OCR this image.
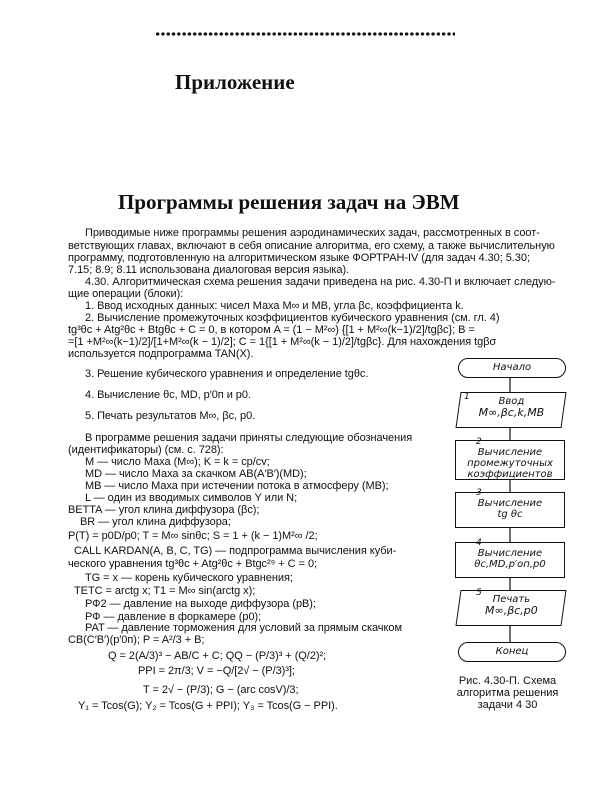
Приложение
Программы решения задач на ЭВМ
Приводимые ниже программы решения аэродинамических задач, рассмотренных в соот-
ветствующих главах, включают в себя описание алгоритма, его схему, а также вычислительную
программу, подготовленную на алгоритмическом языке ФОРТРАН-IV (для задач 4.30; 5.30;
7.15; 8.9; 8.11 использована диалоговая версия языка).
4.30. Алгоритмическая схема решения задачи приведена на рис. 4.30-П и включает следую-
щие операции (блоки):
1. Ввод исходных данных: чисел Маха M∞ и MB, угла βc, коэффициента k.
2. Вычисление промежуточных коэффициентов кубического уравнения (см. гл. 4)
tg³θc + Atg²θc + Btgθc + C = 0, в котором A = (1 − M²∞) {[1 + M²∞(k−1)/2]/tgβc}; B =
=[1 +M²∞(k−1)/2]/[1+M²∞(k − 1)/2]; C = 1{[1 + M²∞(k − 1)/2]/tgβc}. Для нахождения tgβσ
используется подпрограмма TAN(X).
3. Решение кубического уравнения и определение tgθc.
4. Вычисление θc, MD, p′0п и p0.
5. Печать результатов M∞, βc, p0.
В программе решения задачи приняты следующие обозначения
(идентификаторы) (см. с. 728):
M — число Маха (M∞); K = k = cp/cv;
MD — число Маха за скачком AB(A′B′)(MD);
MB — число Маха при истечении потока в атмосферу (MB);
L — один из вводимых символов Y или N;
BETTA — угол клина диффузора (βc);
BR — угол клина диффузора;
P(T) = p0D/p0; T = M∞ sinθc; S = 1 + (k − 1)M²∞ /2;
CALL KARDAN(A, B, C, TG) — подпрограмма вычисления куби-
ческого уравнения tg³θc + Atg²θc + Btgc²⁹ + C = 0;
TG = x — корень кубического уравнения;
TETC = arctg x; T1 = M∞ sin(arctg x);
РФ2 — давление на выходе диффузора (pB);
РФ — давление в форкамере (p0);
PAT — давление торможения для условий за прямым скачком
CB(C′B′)(p′0п); P = A²/3 + B;
Q = 2(A/3)³ − AB/C + C; QQ − (P/3)³ + (Q/2)²;
PPI = 2π/3; V = −Q/[2√ − (P/3)³];
T = 2√ − (P/3); G − (arc cosV)/3;
Y₁ = Tcos(G); Y₂ = Tcos(G + PPI); Y₃ = Tcos(G − PPI).
Начало
Ввод
M∞,βc,k,MB
1
Вычисление
промежуточных
коэффициентов
2
Вычисление
tg θc
3
Вычисление
θc,MD,p′оп,p0
4
Печать
M∞,βc,p0
5
Конец
Рис. 4.30-П. Схема
алгоритма решения
задачи 4 30
